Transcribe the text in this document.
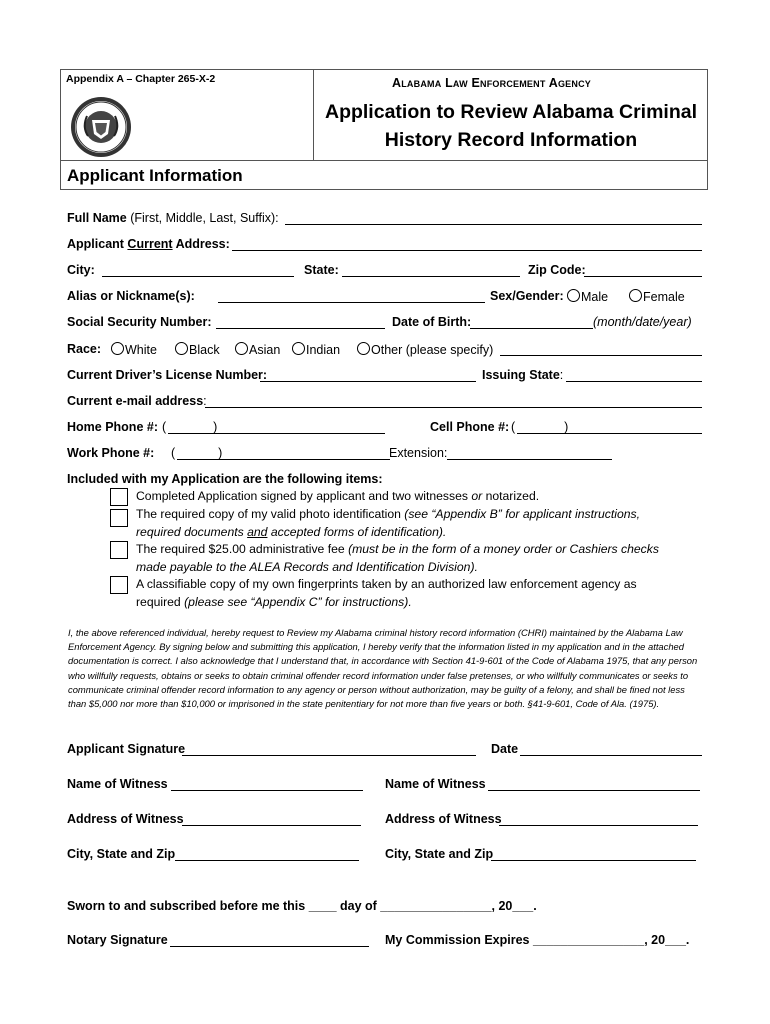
Appendix A – Chapter 265-X-2	Alabama Law Enforcement Agency
Application to Review Alabama Criminal
History Record Information
Applicant Information
Full Name (First, Middle, Last, Suffix):
Applicant Current Address:
City:	State:	Zip Code:
Alias or Nickname(s):	Sex/Gender:	Male	Female
Social Security Number:	Date of Birth:	(month/date/year)
Race:	White	Black	Asian	Indian	Other (please specify)
Current Driver’s License Number:	Issuing State:
Current e-mail address:
Home Phone #: (	)	Cell Phone #: (	)
Work Phone #: (	)	Extension:
Included with my Application are the following items:
Completed Application signed by applicant and two witnesses or notarized.
The required copy of my valid photo identification (see “Appendix B” for applicant instructions,
required documents and accepted forms of identification).
The required $25.00 administrative fee (must be in the form of a money order or Cashiers checks
made payable to the ALEA Records and Identification Division).
A classifiable copy of my own fingerprints taken by an authorized law enforcement agency as
required (please see “Appendix C” for instructions).
I, the above referenced individual, hereby request to Review my Alabama criminal history record information (CHRI) maintained by the Alabama Law Enforcement Agency. By signing below and submitting this application, I hereby verify that the information listed in my application and in the attached documentation is correct. I also acknowledge that I understand that, in accordance with Section 41-9-601 of the Code of Alabama 1975, that any person who willfully requests, obtains or seeks to obtain criminal offender record information under false pretenses, or who willfully communicates or seeks to communicate criminal offender record information to any agency or person without authorization, may be guilty of a felony, and shall be fined not less than $5,000 nor more than $10,000 or imprisoned in the state penitentiary for not more than five years or both. §41-9-601, Code of Ala. (1975).
Applicant Signature	Date
Name of Witness	Name of Witness
Address of Witness	Address of Witness
City, State and Zip	City, State and Zip
Sworn to and subscribed before me this ____ day of ________________, 20___.
Notary Signature	My Commission Expires ________________, 20___.
